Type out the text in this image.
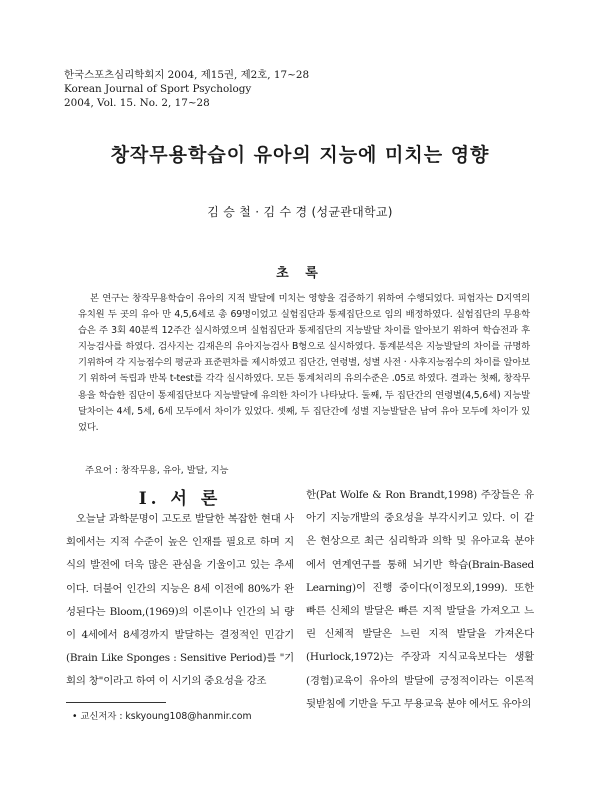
한국스포츠심리학회지 2004, 제15권, 제2호, 17~28
Korean Journal of Sport Psychology
2004, Vol. 15. No. 2, 17~28
창작무용학습이 유아의 지능에 미치는 영향
김 승 철 · 김 수 경 (성균관대학교)
초 록
본 연구는 창작무용학습이 유아의 지적 발달에 미치는 영향을 검증하기 위하여 수행되었다. 피험자는 D지역의 유치원 두 곳의 유아 만 4,5,6세로 총 69명이었고 실험집단과 통제집단으로 임의 배정하였다. 실험집단의 무용학습은 주 3회 40분씩 12주간 실시하였으며 실험집단과 통제집단의 지능발달 차이를 알아보기 위하여 학습전과 후 지능검사를 하였다. 검사지는 김재은의 유아지능검사 B형으로 실시하였다. 통계분석은 지능발달의 차이를 규명하기위하여 각 지능점수의 평균과 표준편차를 제시하였고 집단간, 연령별, 성별 사전 · 사후지능점수의 차이를 알아보기 위하여 독립과 반복 t-test를 각각 실시하였다. 모든 통계처리의 유의수준은 .05로 하였다. 결과는 첫째, 창작무용을 학습한 집단이 통제집단보다 지능발달에 유의한 차이가 나타났다. 둘째, 두 집단간의 연령별(4,5,6세) 지능발달차이는 4세, 5세, 6세 모두에서 차이가 있었다. 셋째, 두 집단간에 성별 지능발달은 남여 유아 모두에 차이가 있었다.
주요어 : 창작무용, 유아, 발달, 지능
Ⅰ. 서 론
오늘날 과학문명이 고도로 발달한 복잡한 현대 사회에서는 지적 수준이 높은 인재를 필요로 하며 지식의 발전에 더욱 많은 관심을 기울이고 있는 추세이다. 더불어 인간의 지능은 8세 이전에 80%가 완성된다는 Bloom,(1969)의 이론이나 인간의 뇌 량이 4세에서 8세경까지 발달하는 결정적인 민감기(Brain Like Sponges : Sensitive Period)를 "기회의 창"이라고 하여 이 시기의 중요성을 강조
한(Pat Wolfe & Ron Brandt,1998) 주장들은 유아기 지능개발의 중요성을 부각시키고 있다. 이 같은 현상으로 최근 심리학과 의학 및 유아교육 분야에서 연계연구를 통해 뇌기반 학습(Brain-Based Learning)이 진행 중이다(이정모외,1999). 또한 빠른 신체의 발달은 빠른 지적 발달을 가져오고 느린 신체적 발달은 느린 지적 발달을 가져온다(Hurlock,1972)는 주장과 지식교육보다는 생활(경험)교육이 유아의 발달에 긍정적이라는 이론적 뒷받침에 기반을 두고 무용교육 분야 에서도 유아의
• 교신저자 : kskyoung108@hanmir.com
